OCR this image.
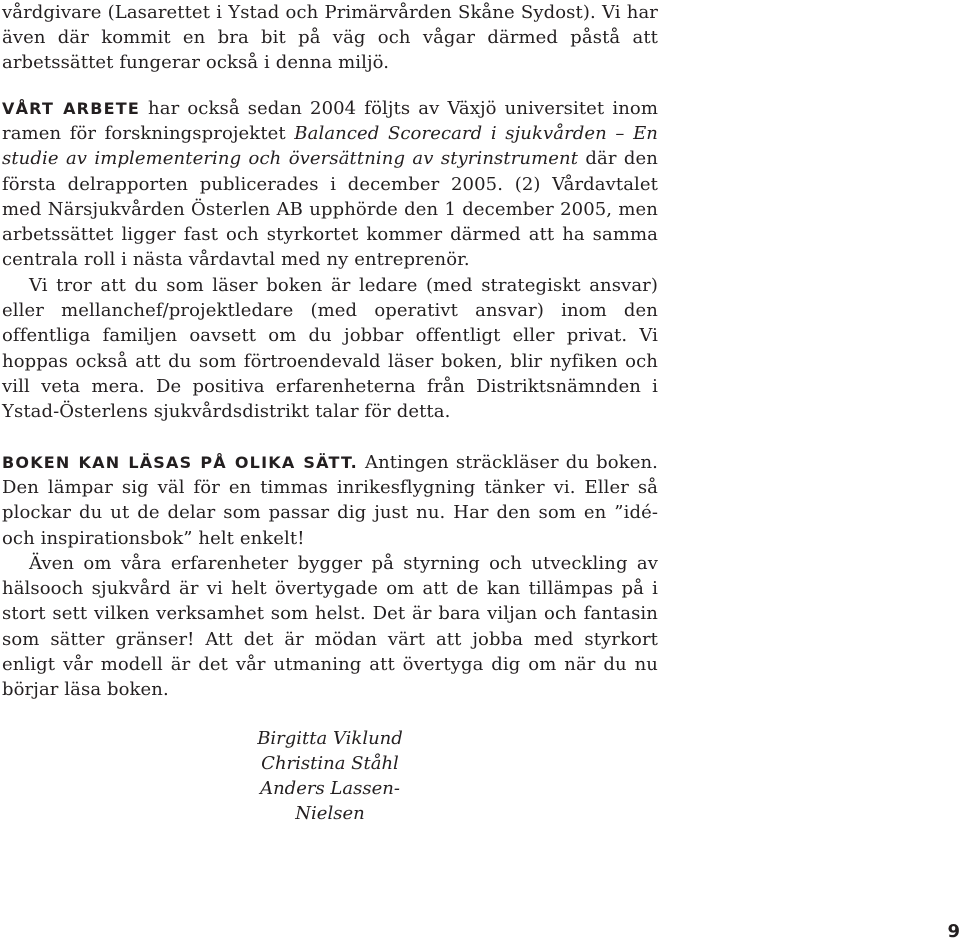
vårdgivare (Lasarettet i Ystad och Primärvården Skåne Sydost). Vi har även där kommit en bra bit på väg och vågar därmed påstå att arbetssättet fungerar också i denna miljö.

VÅRT ARBETE har också sedan 2004 följts av Växjö universitet inom ramen för forskningsprojektet Balanced Scorecard i sjukvården – En studie av implementering och översättning av styrinstrument där den första delrapporten publicerades i december 2005. (2) Vårdavtalet med Närsjukvården Österlen AB upphörde den 1 december 2005, men arbetssättet ligger fast och styrkortet kommer därmed att ha samma centrala roll i nästa vårdavtal med ny entreprenör.

Vi tror att du som läser boken är ledare (med strategiskt ansvar) eller mellanchef/projektledare (med operativt ansvar) inom den offentliga familjen oavsett om du jobbar offentligt eller privat. Vi hoppas också att du som förtroendevald läser boken, blir nyfiken och vill veta mera. De positiva erfarenheterna från Distriktsnämnden i Ystad-Österlens sjukvårdsdistrikt talar för detta.

BOKEN KAN LÄSAS PÅ OLIKA SÄTT. Antingen sträckläser du boken. Den lämpar sig väl för en timmas inrikesflygning tänker vi. Eller så plockar du ut de delar som passar dig just nu. Har den som en ”idé- och inspirationsbok” helt enkelt!

Även om våra erfarenheter bygger på styrning och utveckling av hälsooch sjukvård är vi helt övertygade om att de kan tillämpas på i stort sett vilken verksamhet som helst. Det är bara viljan och fantasin som sätter gränser! Att det är mödan värt att jobba med styrkort enligt vår modell är det vår utmaning att övertyga dig om när du nu börjar läsa boken.

Birgitta Viklund
Christina Ståhl
Anders Lassen-Nielsen
9
